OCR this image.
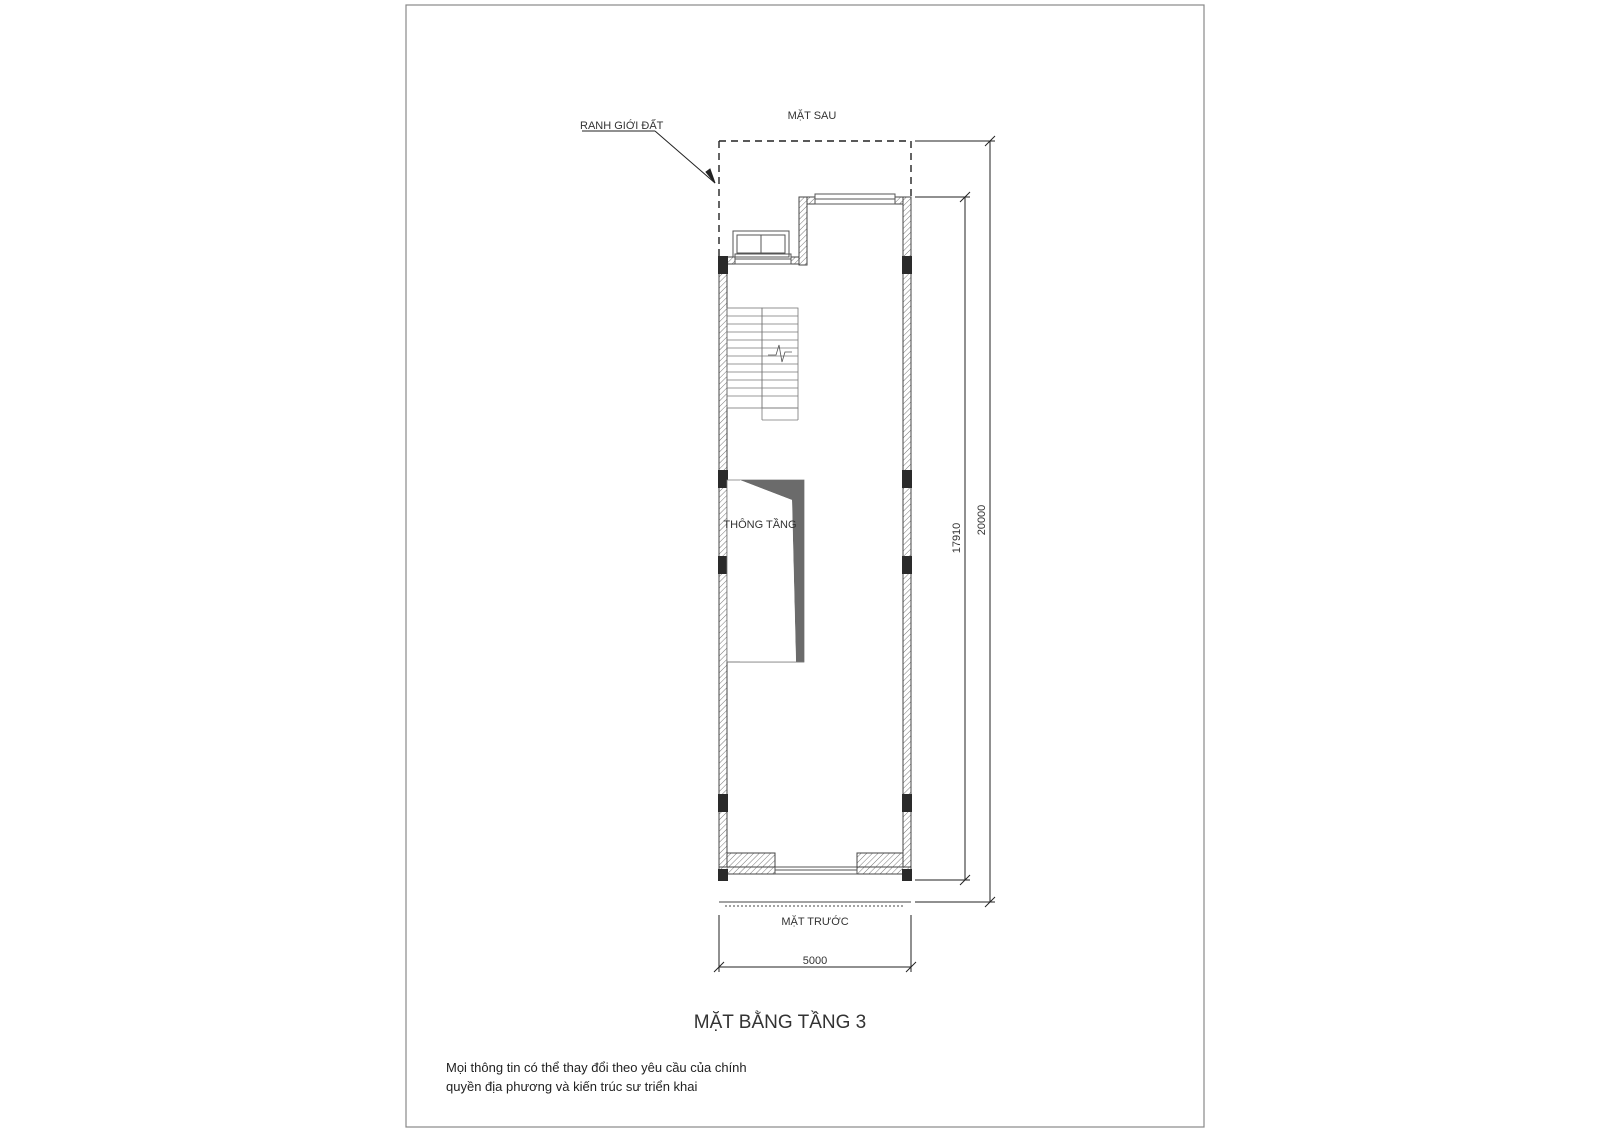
MẶT SAU
RANH GIỚI ĐẤT
MẶT TRƯỚC
THÔNG TẦNG
5000
17910
20000
MẶT BẰNG TẦNG 3
Mọi thông tin có thể thay đổi theo yêu cầu của chính
quyền địa phương và kiến trúc sư triển khai
